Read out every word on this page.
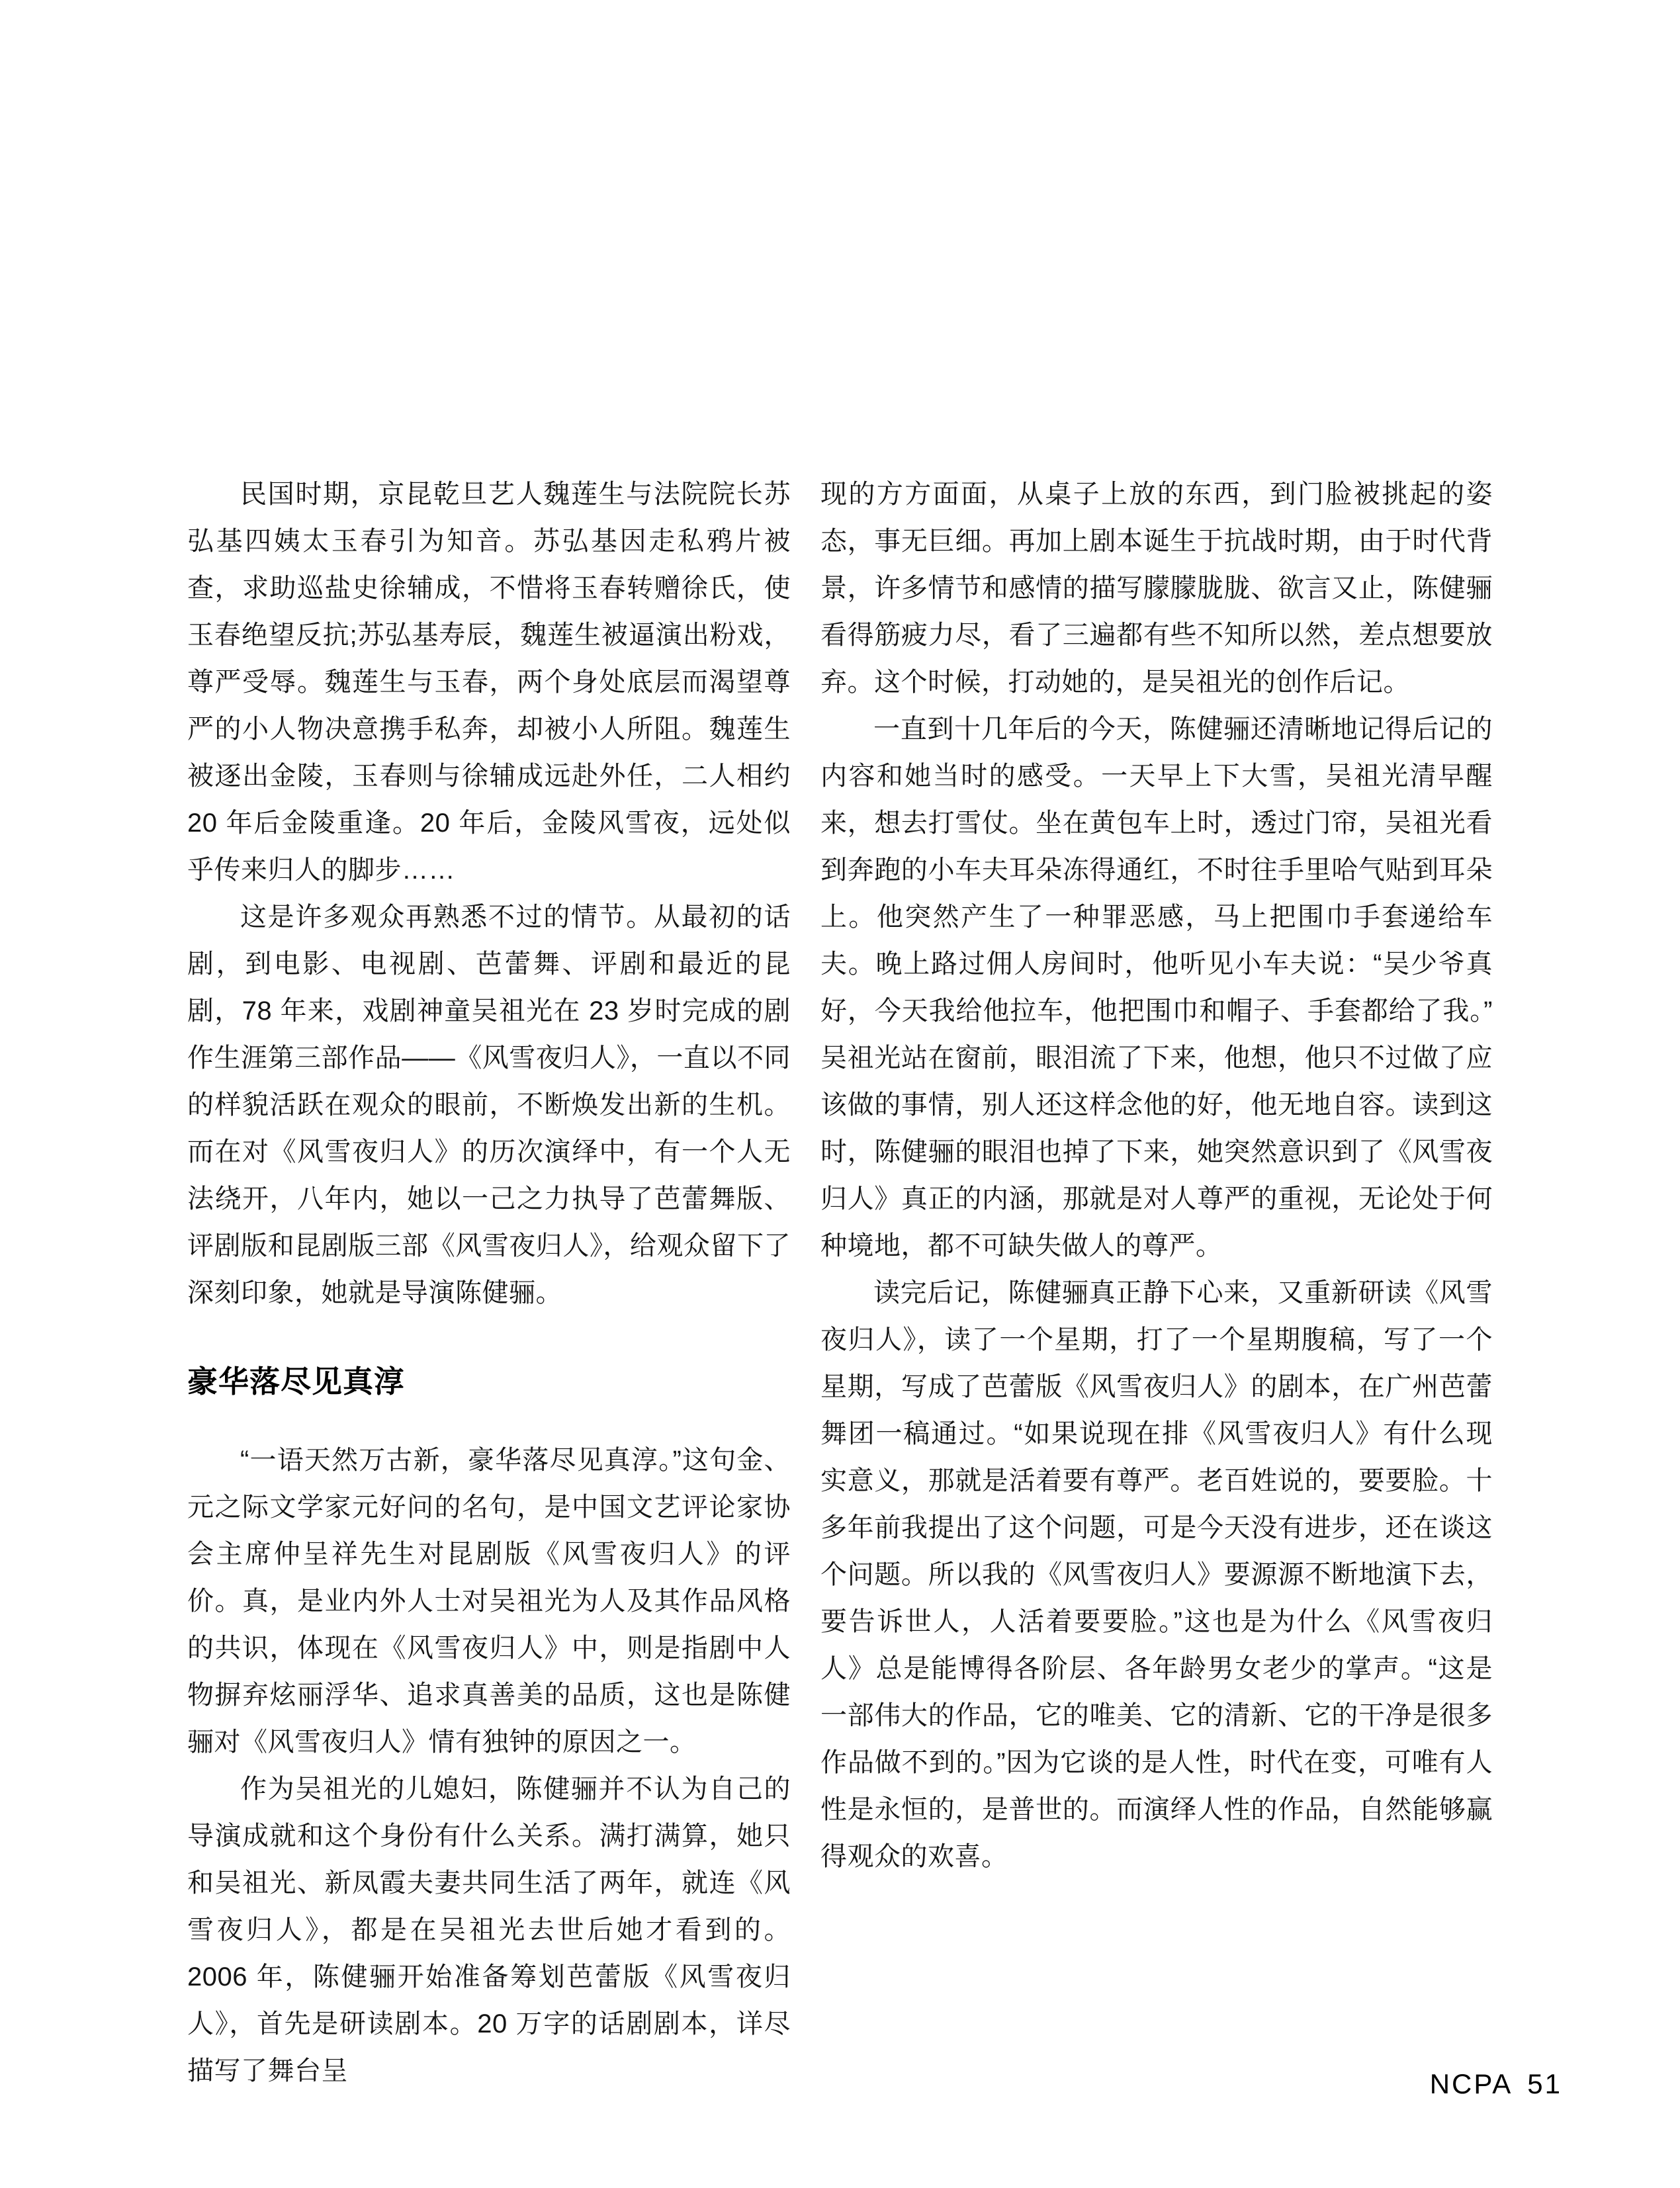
民国时期，京昆乾旦艺人魏莲生与法院院长苏弘基四姨太玉春引为知音。苏弘基因走私鸦片被查，求助巡盐史徐辅成，不惜将玉春转赠徐氏，使玉春绝望反抗;苏弘基寿辰，魏莲生被逼演出粉戏，尊严受辱。魏莲生与玉春，两个身处底层而渴望尊严的小人物决意携手私奔，却被小人所阻。魏莲生被逐出金陵，玉春则与徐辅成远赴外任，二人相约 20 年后金陵重逢。20 年后，金陵风雪夜，远处似乎传来归人的脚步……

这是许多观众再熟悉不过的情节。从最初的话剧，到电影、电视剧、芭蕾舞、评剧和最近的昆剧，78 年来，戏剧神童吴祖光在 23 岁时完成的剧作生涯第三部作品——《风雪夜归人》，一直以不同的样貌活跃在观众的眼前，不断焕发出新的生机。而在对《风雪夜归人》的历次演绎中，有一个人无法绕开，八年内，她以一己之力执导了芭蕾舞版、评剧版和昆剧版三部《风雪夜归人》，给观众留下了深刻印象，她就是导演陈健骊。

豪华落尽见真淳

“一语天然万古新，豪华落尽见真淳。”这句金、元之际文学家元好问的名句，是中国文艺评论家协会主席仲呈祥先生对昆剧版《风雪夜归人》的评价。真，是业内外人士对吴祖光为人及其作品风格的共识，体现在《风雪夜归人》中，则是指剧中人物摒弃炫丽浮华、追求真善美的品质，这也是陈健骊对《风雪夜归人》情有独钟的原因之一。

作为吴祖光的儿媳妇，陈健骊并不认为自己的导演成就和这个身份有什么关系。满打满算，她只和吴祖光、新凤霞夫妻共同生活了两年，就连《风雪夜归人》，都是在吴祖光去世后她才看到的。2006 年，陈健骊开始准备筹划芭蕾版《风雪夜归人》，首先是研读剧本。20 万字的话剧剧本，详尽描写了舞台呈

现的方方面面，从桌子上放的东西，到门脸被挑起的姿态，事无巨细。再加上剧本诞生于抗战时期，由于时代背景，许多情节和感情的描写朦朦胧胧、欲言又止，陈健骊看得筋疲力尽，看了三遍都有些不知所以然，差点想要放弃。这个时候，打动她的，是吴祖光的创作后记。

一直到十几年后的今天，陈健骊还清晰地记得后记的内容和她当时的感受。一天早上下大雪，吴祖光清早醒来，想去打雪仗。坐在黄包车上时，透过门帘，吴祖光看到奔跑的小车夫耳朵冻得通红，不时往手里哈气贴到耳朵上。他突然产生了一种罪恶感，马上把围巾手套递给车夫。晚上路过佣人房间时，他听见小车夫说：“吴少爷真好，今天我给他拉车，他把围巾和帽子、手套都给了我。”吴祖光站在窗前，眼泪流了下来，他想，他只不过做了应该做的事情，别人还这样念他的好，他无地自容。读到这时，陈健骊的眼泪也掉了下来，她突然意识到了《风雪夜归人》真正的内涵，那就是对人尊严的重视，无论处于何种境地，都不可缺失做人的尊严。

读完后记，陈健骊真正静下心来，又重新研读《风雪夜归人》，读了一个星期，打了一个星期腹稿，写了一个星期，写成了芭蕾版《风雪夜归人》的剧本，在广州芭蕾舞团一稿通过。“如果说现在排《风雪夜归人》有什么现实意义，那就是活着要有尊严。老百姓说的，要要脸。十多年前我提出了这个问题，可是今天没有进步，还在谈这个问题。所以我的《风雪夜归人》要源源不断地演下去，要告诉世人，人活着要要脸。”这也是为什么《风雪夜归人》总是能博得各阶层、各年龄男女老少的掌声。“这是一部伟大的作品，它的唯美、它的清新、它的干净是很多作品做不到的。”因为它谈的是人性，时代在变，可唯有人性是永恒的，是普世的。而演绎人性的作品，自然能够赢得观众的欢喜。

NCPA 51
